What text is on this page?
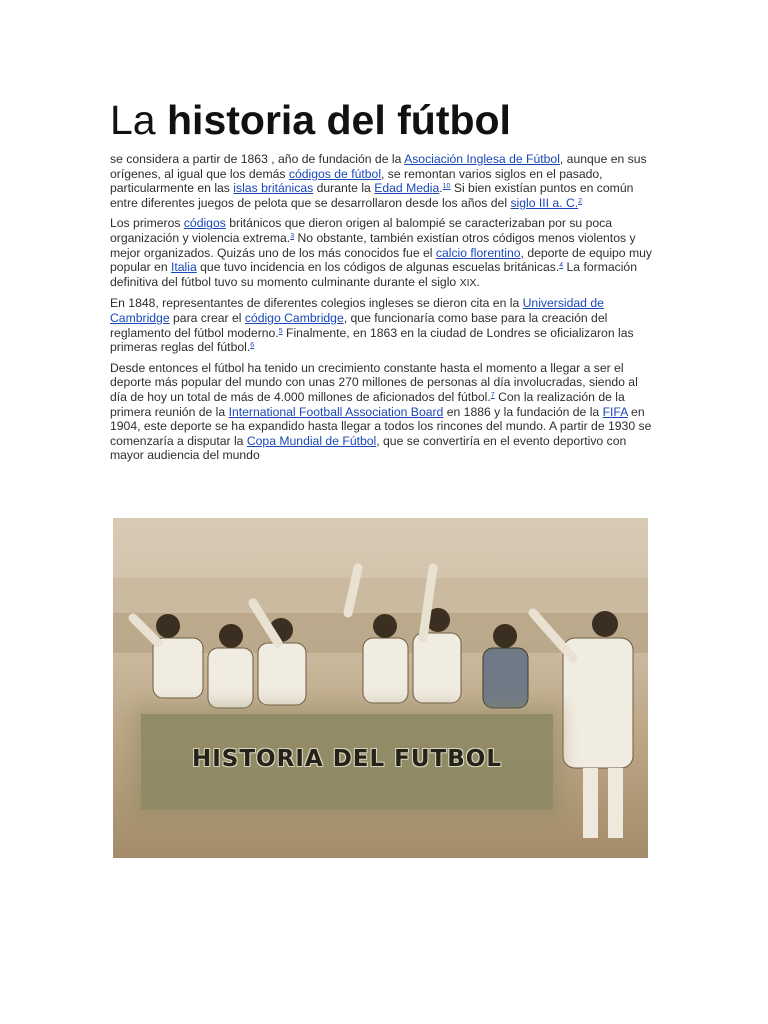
La historia del fútbol

se considera a partir de 1863 , año de fundación de la Asociación Inglesa de Fútbol, aunque en sus orígenes, al igual que los demás códigos de fútbol, se remontan varios siglos en el pasado, particularmente en las islas británicas durante la Edad Media.$^{10}$ Si bien existían puntos en común entre diferentes juegos de pelota que se desarrollaron desde los años del siglo III a. C.$^2$

Los primeros códigos británicos que dieron origen al balompié se caracterizaban por su poca organización y violencia extrema.$^3$ No obstante, también existían otros códigos menos violentos y mejor organizados. Quizás uno de los más conocidos fue el calcio florentino, deporte de equipo muy popular en Italia que tuvo incidencia en los códigos de algunas escuelas británicas.$^4$ La formación definitiva del fútbol tuvo su momento culminante durante el siglo XIX.

En 1848, representantes de diferentes colegios ingleses se dieron cita en la Universidad de Cambridge para crear el código Cambridge, que funcionaría como base para la creación del reglamento del fútbol moderno.$^5$ Finalmente, en 1863 en la ciudad de Londres se oficializaron las primeras reglas del fútbol.$^6$

Desde entonces el fútbol ha tenido un crecimiento constante hasta el momento a llegar a ser el deporte más popular del mundo con unas 270 millones de personas al día involucradas, siendo al día de hoy un total de más de 4.000 millones de aficionados del fútbol.$^7$ Con la realización de la primera reunión de la International Football Association Board en 1886 y la fundación de la FIFA en 1904, este deporte se ha expandido hasta llegar a todos los rincones del mundo. A partir de 1930 se comenzaría a disputar la Copa Mundial de Fútbol, que se convertiría en el evento deportivo con mayor audiencia del mundo

HISTORIA DEL FUTBOL
